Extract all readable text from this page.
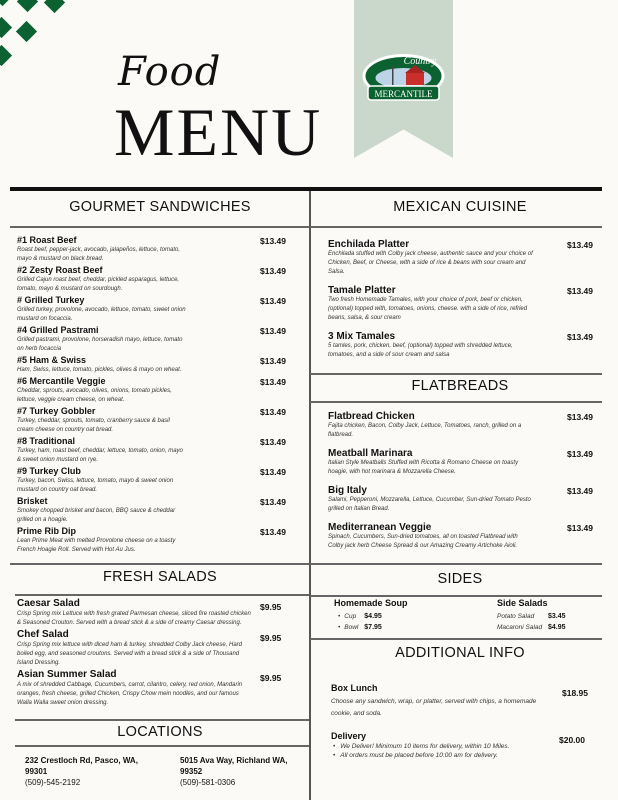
Country
MERCANTILE
Food
MENU
GOURMET SANDWICHES	MEXICAN CUISINE
FLATBREADS
FRESH SALADS	SIDES
ADDITIONAL INFO
LOCATIONS
#1 Roast Beef
Roast beef, pepper-jack, avocado, jalapeños, lettuce, tomato, mayo & mustard on black bread.
$13.49
#2 Zesty Roast Beef
Grilled Cajun roast beef, cheddar, pickled asparagus, lettuce, tomato, mayo & mustard on sourdough.
$13.49
# Grilled Turkey
Grilled turkey, provolone, avocado, lettuce, tomato, sweet onion mustard on focaccia.
$13.49
#4 Grilled Pastrami
Grilled pastrami, provolone, horseradish mayo, lettuce, tomato on herb focaccia
$13.49
#5 Ham & Swiss
Ham, Swiss, lettuce, tomato, pickles, olives & mayo on wheat.
$13.49
#6 Mercantile Veggie
Cheddar, sprouts, avocado, olives, onions, tomato pickles, lettuce, veggie cream cheese, on wheat.
$13.49
#7 Turkey Gobbler
Turkey, cheddar, sprouts, tomato, cranberry sauce & basil cream cheese on country oat bread.
$13.49
#8 Traditional
Turkey, ham, roast beef, cheddar, lettuce, tomato, onion, mayo & sweet onion mustard on rye.
$13.49
#9 Turkey Club
Turkey, bacon, Swiss, lettuce, tomato, mayo & sweet onion mustard on country oat bread.
$13.49
Brisket
Smokey chopped brisket and bacon, BBQ sauce & cheddar grilled on a hoagie.
$13.49
Prime Rib Dip
Lean Prime Meat with melted Provolone cheese on a toasty French Hoagie Roll. Served with Hot Au Jus.
$13.49
Enchilada Platter
Enchilada stuffed with Colby jack cheese, authentic sauce and your choice of Chicken, Beef, or Cheese, with a side of rice & beans with sour cream and Salsa.
$13.49
Tamale Platter
Two fresh Homemade Tamales, with your choice of pork, beef or chicken, (optional) topped with, tomatoes, onions, cheese. with a side of rice, refried beans, salsa, & sour cream
$13.49
3 Mix Tamales
5 tamles, pork, chicken, beef, (optional) topped with shredded lettuce, tomatoes, and a side of sour cream and salsa
$13.49
Flatbread Chicken
Fajita chicken, Bacon, Colby Jack, Lettuce, Tomatoes, ranch, grilled on a flatbread.
$13.49
Meatball Marinara
Italian Style Meatballs Stuffed with Ricotta & Romano Cheese on toasty hoagie, with hot marinara & Mozzarella Cheese.
$13.49
Big Italy
Salami, Pepperoni, Mozzarella, Lettuce, Cucumber, Sun-dried Tomato Pesto grilled on Italian Bread.
$13.49
Mediterranean Veggie
Spinach, Cucumbers, Sun-dried tomatoes, all on toasted Flatbread with Colby jack herb Cheese Spread & our Amazing Creamy Artichoke Aioli.
$13.49
Caesar Salad
Crisp Spring mix Lettuce with fresh grated Parmesan cheese, sliced fire roasted chicken & Seasoned Crouton. Served with a bread stick & a side of creamy Caesar dressing.
$9.95
Chef Salad
Crisp Spring mix lettuce with diced ham & turkey, shredded Colby Jack cheese, Hard boiled egg, and seasoned croutons. Served with a bread stick & a side of Thousand Island Dressing.
$9.95
Asian Summer Salad
A mix of shredded Cabbage, Cucumbers, carrot, cilantro, celery, red onion, Mandarin oranges, fresh cheese, grilled Chicken, Crispy Chow mein noodles, and our famous Walla Walla sweet onion dressing.
$9.95
Homemade Soup
• Cup $4.95
• Bowl $7.95
Side Salads
Potato Salad $3.45
Macaroni Salad $4.95
Box Lunch
Choose any sandwich, wrap, or platter, served with chips, a homemade cookie, and soda.
$18.95
Delivery
• We Deliver! Minimum 10 items for delivery, within 10 Miles.
• All orders must be placed before 10:00 am for delivery.
$20.00
232 Crestloch Rd, Pasco, WA,
99301
(509)-545-2192
5015 Ava Way, Richland WA,
99352
(509)-581-0306
